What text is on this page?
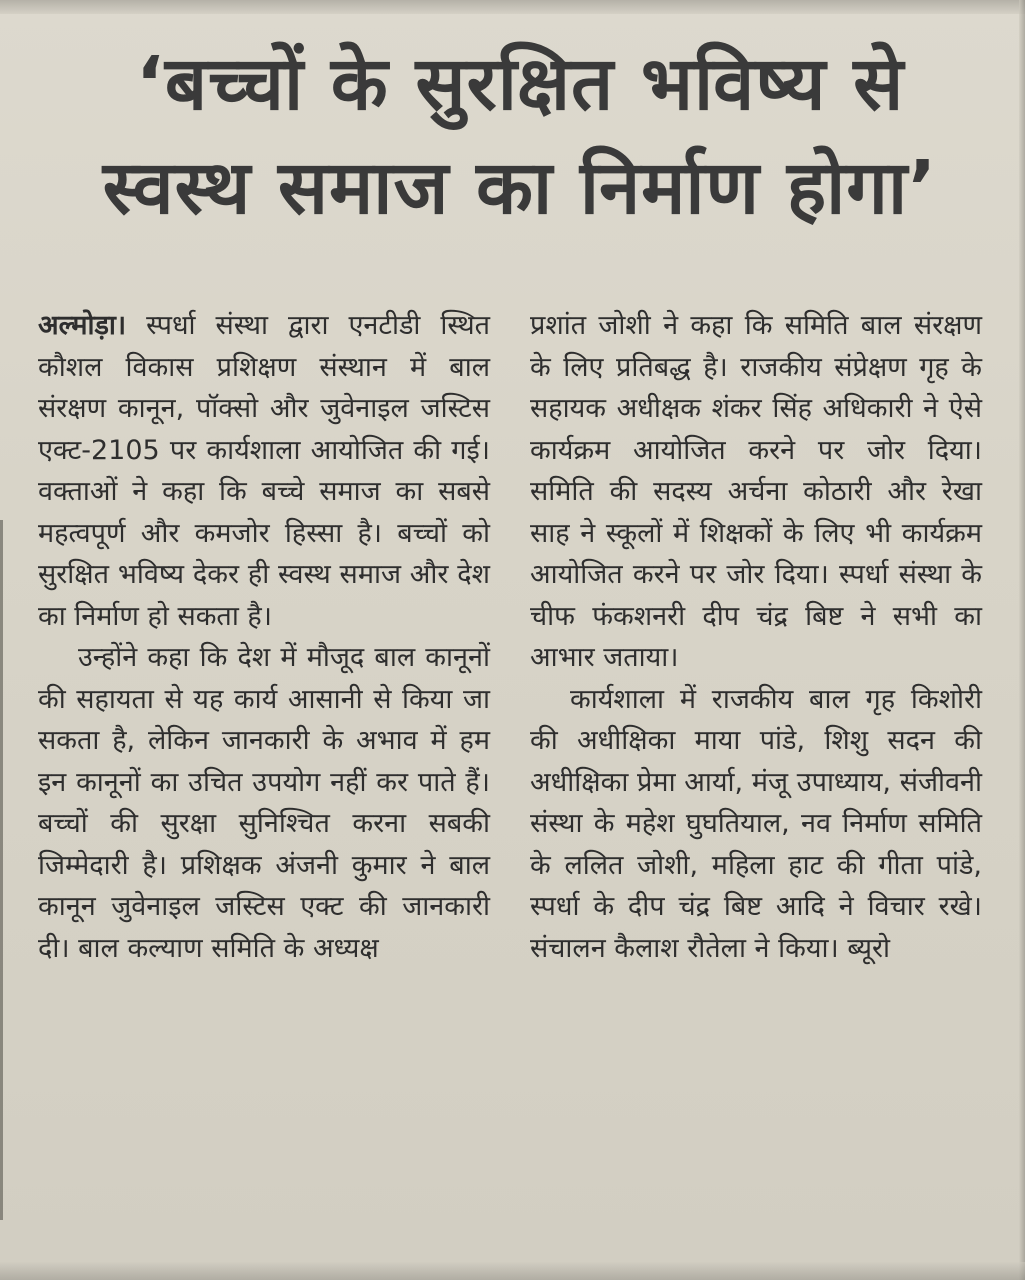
‘बच्चों के सुरक्षित भविष्य से
स्वस्थ समाज का निर्माण होगा’

अल्मोड़ा। स्पर्धा संस्था द्वारा एनटीडी स्थित कौशल विकास प्रशिक्षण संस्थान में बाल संरक्षण कानून, पॉक्सो और जुवेनाइल जस्टिस एक्ट-2105 पर कार्यशाला आयोजित की गई। वक्ताओं ने कहा कि बच्चे समाज का सबसे महत्वपूर्ण और कमजोर हिस्सा है। बच्चों को सुरक्षित भविष्य देकर ही स्वस्थ समाज और देश का निर्माण हो सकता है।

उन्होंने कहा कि देश में मौजूद बाल कानूनों की सहायता से यह कार्य आसानी से किया जा सकता है, लेकिन जानकारी के अभाव में हम इन कानूनों का उचित उपयोग नहीं कर पाते हैं। बच्चों की सुरक्षा सुनिश्चित करना सबकी जिम्मेदारी है। प्रशिक्षक अंजनी कुमार ने बाल कानून जुवेनाइल जस्टिस एक्ट की जानकारी दी। बाल कल्याण समिति के अध्यक्ष

प्रशांत जोशी ने कहा कि समिति बाल संरक्षण के लिए प्रतिबद्ध है। राजकीय संप्रेक्षण गृह के सहायक अधीक्षक शंकर सिंह अधिकारी ने ऐसे कार्यक्रम आयोजित करने पर जोर दिया। समिति की सदस्य अर्चना कोठारी और रेखा साह ने स्कूलों में शिक्षकों के लिए भी कार्यक्रम आयोजित करने पर जोर दिया। स्पर्धा संस्था के चीफ फंकशनरी दीप चंद्र बिष्ट ने सभी का आभार जताया।

कार्यशाला में राजकीय बाल गृह किशोरी की अधीक्षिका माया पांडे, शिशु सदन की अधीक्षिका प्रेमा आर्या, मंजू उपाध्याय, संजीवनी संस्था के महेश घुघतियाल, नव निर्माण समिति के ललित जोशी, महिला हाट की गीता पांडे, स्पर्धा के दीप चंद्र बिष्ट आदि ने विचार रखे। संचालन कैलाश रौतेला ने किया। ब्यूरो
